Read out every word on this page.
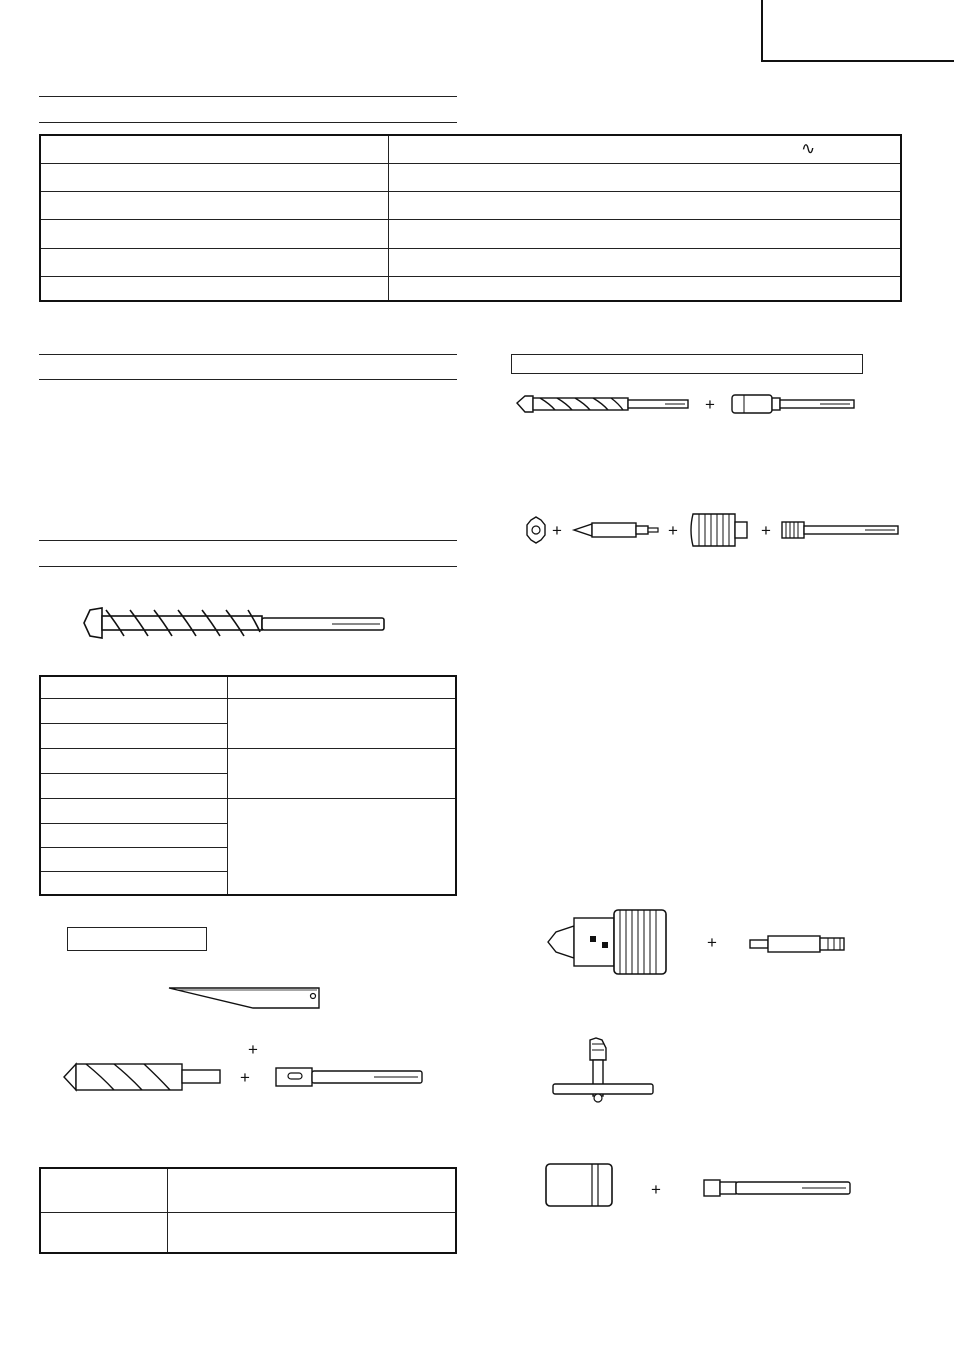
	∿

+
+	+	+

+
+

+
+
